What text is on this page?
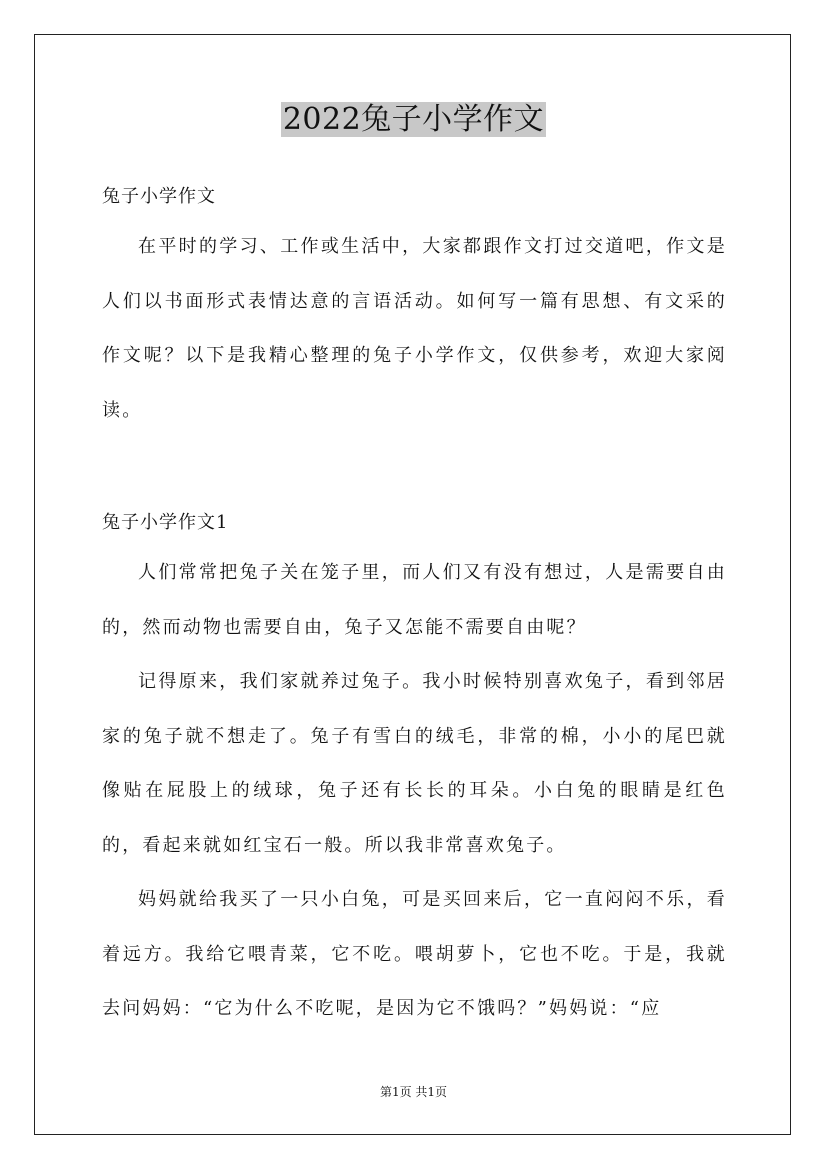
2022兔子小学作文
兔子小学作文

在平时的学习、工作或生活中，大家都跟作文打过交道吧，作文是人们以书面形式表情达意的言语活动。如何写一篇有思想、有文采的作文呢？以下是我精心整理的兔子小学作文，仅供参考，欢迎大家阅读。

兔子小学作文1

人们常常把兔子关在笼子里，而人们又有没有想过，人是需要自由的，然而动物也需要自由，兔子又怎能不需要自由呢？

记得原来，我们家就养过兔子。我小时候特别喜欢兔子，看到邻居家的兔子就不想走了。兔子有雪白的绒毛，非常的棉，小小的尾巴就像贴在屁股上的绒球，兔子还有长长的耳朵。小白兔的眼睛是红色的，看起来就如红宝石一般。所以我非常喜欢兔子。

妈妈就给我买了一只小白兔，可是买回来后，它一直闷闷不乐，看着远方。我给它喂青菜，它不吃。喂胡萝卜，它也不吃。于是，我就去问妈妈：“它为什么不吃呢，是因为它不饿吗？”妈妈说：“应

第1页 共1页
